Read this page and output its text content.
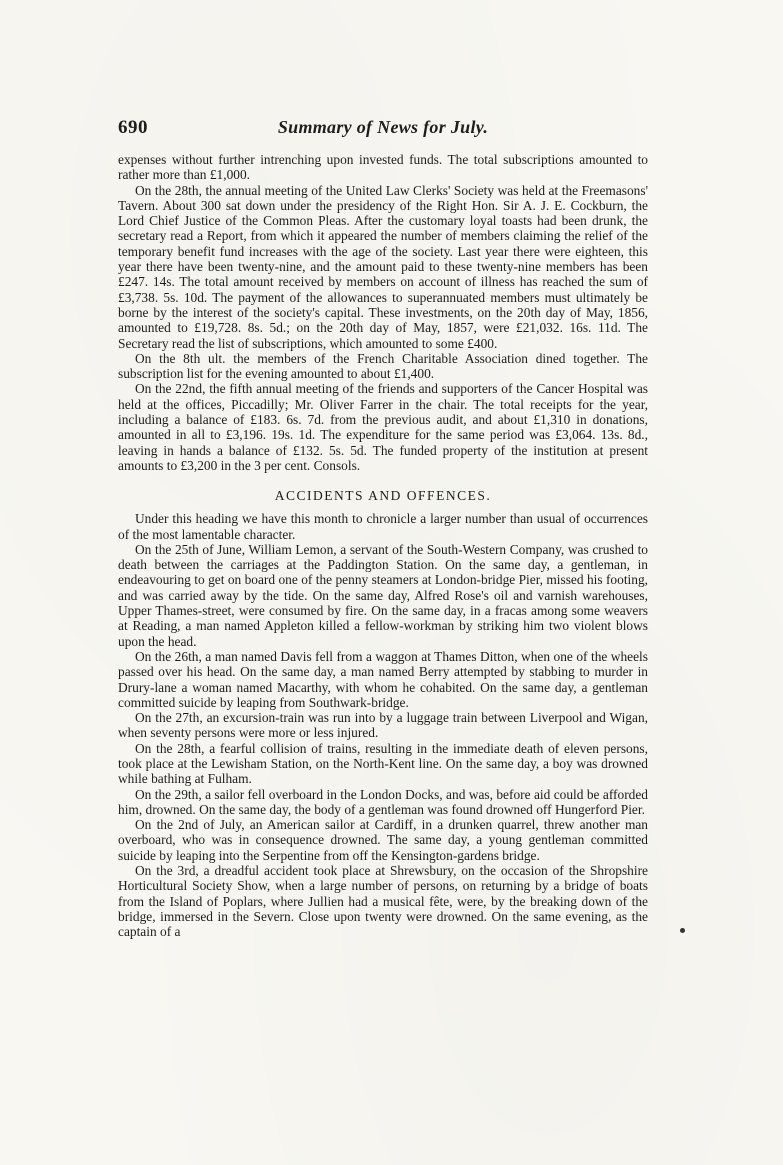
690	Summary of News for July.

expenses without further intrenching upon invested funds. The total subscriptions amounted to rather more than £1,000.

On the 28th, the annual meeting of the United Law Clerks' Society was held at the Freemasons' Tavern. About 300 sat down under the presidency of the Right Hon. Sir A. J. E. Cockburn, the Lord Chief Justice of the Common Pleas. After the customary loyal toasts had been drunk, the secretary read a Report, from which it appeared the number of members claiming the relief of the temporary benefit fund increases with the age of the society. Last year there were eighteen, this year there have been twenty-nine, and the amount paid to these twenty-nine members has been £247. 14s. The total amount received by members on account of illness has reached the sum of £3,738. 5s. 10d. The payment of the allowances to superannuated members must ultimately be borne by the interest of the society's capital. These investments, on the 20th day of May, 1856, amounted to £19,728. 8s. 5d.; on the 20th day of May, 1857, were £21,032. 16s. 11d. The Secretary read the list of subscriptions, which amounted to some £400.

On the 8th ult. the members of the French Charitable Association dined together. The subscription list for the evening amounted to about £1,400.

On the 22nd, the fifth annual meeting of the friends and supporters of the Cancer Hospital was held at the offices, Piccadilly; Mr. Oliver Farrer in the chair. The total receipts for the year, including a balance of £183. 6s. 7d. from the previous audit, and about £1,310 in donations, amounted in all to £3,196. 19s. 1d. The expenditure for the same period was £3,064. 13s. 8d., leaving in hands a balance of £132. 5s. 5d. The funded property of the institution at present amounts to £3,200 in the 3 per cent. Consols.

ACCIDENTS AND OFFENCES.

Under this heading we have this month to chronicle a larger number than usual of occurrences of the most lamentable character.

On the 25th of June, William Lemon, a servant of the South-Western Company, was crushed to death between the carriages at the Paddington Station. On the same day, a gentleman, in endeavouring to get on board one of the penny steamers at London-bridge Pier, missed his footing, and was carried away by the tide. On the same day, Alfred Rose's oil and varnish warehouses, Upper Thames-street, were consumed by fire. On the same day, in a fracas among some weavers at Reading, a man named Appleton killed a fellow-workman by striking him two violent blows upon the head.

On the 26th, a man named Davis fell from a waggon at Thames Ditton, when one of the wheels passed over his head. On the same day, a man named Berry attempted by stabbing to murder in Drury-lane a woman named Macarthy, with whom he cohabited. On the same day, a gentleman committed suicide by leaping from Southwark-bridge.

On the 27th, an excursion-train was run into by a luggage train between Liverpool and Wigan, when seventy persons were more or less injured.

On the 28th, a fearful collision of trains, resulting in the immediate death of eleven persons, took place at the Lewisham Station, on the North-Kent line. On the same day, a boy was drowned while bathing at Fulham.

On the 29th, a sailor fell overboard in the London Docks, and was, before aid could be afforded him, drowned. On the same day, the body of a gentleman was found drowned off Hungerford Pier.

On the 2nd of July, an American sailor at Cardiff, in a drunken quarrel, threw another man overboard, who was in consequence drowned. The same day, a young gentleman committed suicide by leaping into the Serpentine from off the Kensington-gardens bridge.

On the 3rd, a dreadful accident took place at Shrewsbury, on the occasion of the Shropshire Horticultural Society Show, when a large number of persons, on returning by a bridge of boats from the Island of Poplars, where Jullien had a musical fête, were, by the breaking down of the bridge, immersed in the Severn. Close upon twenty were drowned. On the same evening, as the captain of a
